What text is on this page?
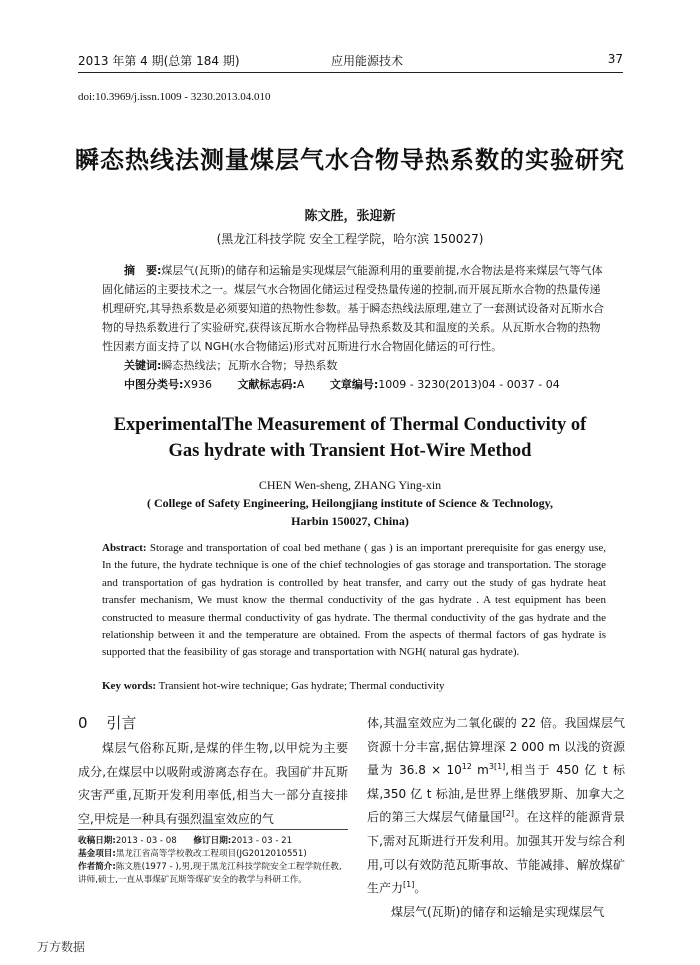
2013 年第 4 期(总第 184 期)	应用能源技术	37
doi:10.3969/j.issn.1009 - 3230.2013.04.010
瞬态热线法测量煤层气水合物导热系数的实验研究
陈文胜，张迎新
(黑龙江科技学院 安全工程学院，哈尔滨 150027)
摘　要:煤层气(瓦斯)的储存和运输是实现煤层气能源利用的重要前提,水合物法是将来煤层气等气体固化储运的主要技术之一。煤层气水合物固化储运过程受热量传递的控制,而开展瓦斯水合物的热量传递机理研究,其导热系数是必须要知道的热物性参数。基于瞬态热线法原理,建立了一套测试设备对瓦斯水合物的导热系数进行了实验研究,获得该瓦斯水合物样品导热系数及其和温度的关系。从瓦斯水合物的热物性因素方面支持了以 NGH(水合物储运)形式对瓦斯进行水合物固化储运的可行性。
关键词:瞬态热线法；瓦斯水合物；导热系数
中图分类号:X936 文献标志码:A 文章编号:1009 - 3230(2013)04 - 0037 - 04
ExperimentalThe Measurement of Thermal Conductivity of
Gas hydrate with Transient Hot-Wire Method
CHEN Wen-sheng, ZHANG Ying-xin
( College of Safety Engineering, Heilongjiang institute of Science & Technology,
Harbin 150027, China)
Abstract: Storage and transportation of coal bed methane ( gas ) is an important prerequisite for gas energy use, In the future, the hydrate technique is one of the chief technologies of gas storage and transportation. The storage and transportation of gas hydration is controlled by heat transfer, and carry out the study of gas hydrate heat transfer mechanism, We must know the thermal conductivity of the gas hydrate . A test equipment has been constructed to measure thermal conductivity of gas hydrate. The thermal conductivity of the gas hydrate and the relationship between it and the temperature are obtained. From the aspects of thermal factors of gas hydrate is supported that the feasibility of gas storage and transportation with NGH( natural gas hydrate).
Key words: Transient hot-wire technique; Gas hydrate; Thermal conductivity
0 引言
煤层气俗称瓦斯,是煤的伴生物,以甲烷为主要成分,在煤层中以吸附或游离态存在。我国矿井瓦斯灾害严重,瓦斯开发利用率低,相当大一部分直接排空,甲烷是一种具有强烈温室效应的气
收稿日期:2013 - 03 - 08 修订日期:2013 - 03 - 21
基金项目:黑龙江省高等学校教改工程项目(JG2012010551)
作者简介:陈文胜(1977 - ),男,现于黑龙江科技学院安全工程学院任教,讲师,硕士,一直从事煤矿瓦斯等煤矿安全的教学与科研工作。
体,其温室效应为二氧化碳的 22 倍。我国煤层气资源十分丰富,据估算埋深 2 000 m 以浅的资源量为 $36.8 \times 10^{12}$ $m^{3[1]}$,相当于 450 亿 t 标煤,350 亿 t 标油,是世界上继俄罗斯、加拿大之后的第三大煤层气储量国[2]。在这样的能源背景下,需对瓦斯进行开发利用。加强其开发与综合利用,可以有效防范瓦斯事故、节能减排、解放煤矿生产力[1]。
煤层气(瓦斯)的储存和运输是实现煤层气
万方数据
